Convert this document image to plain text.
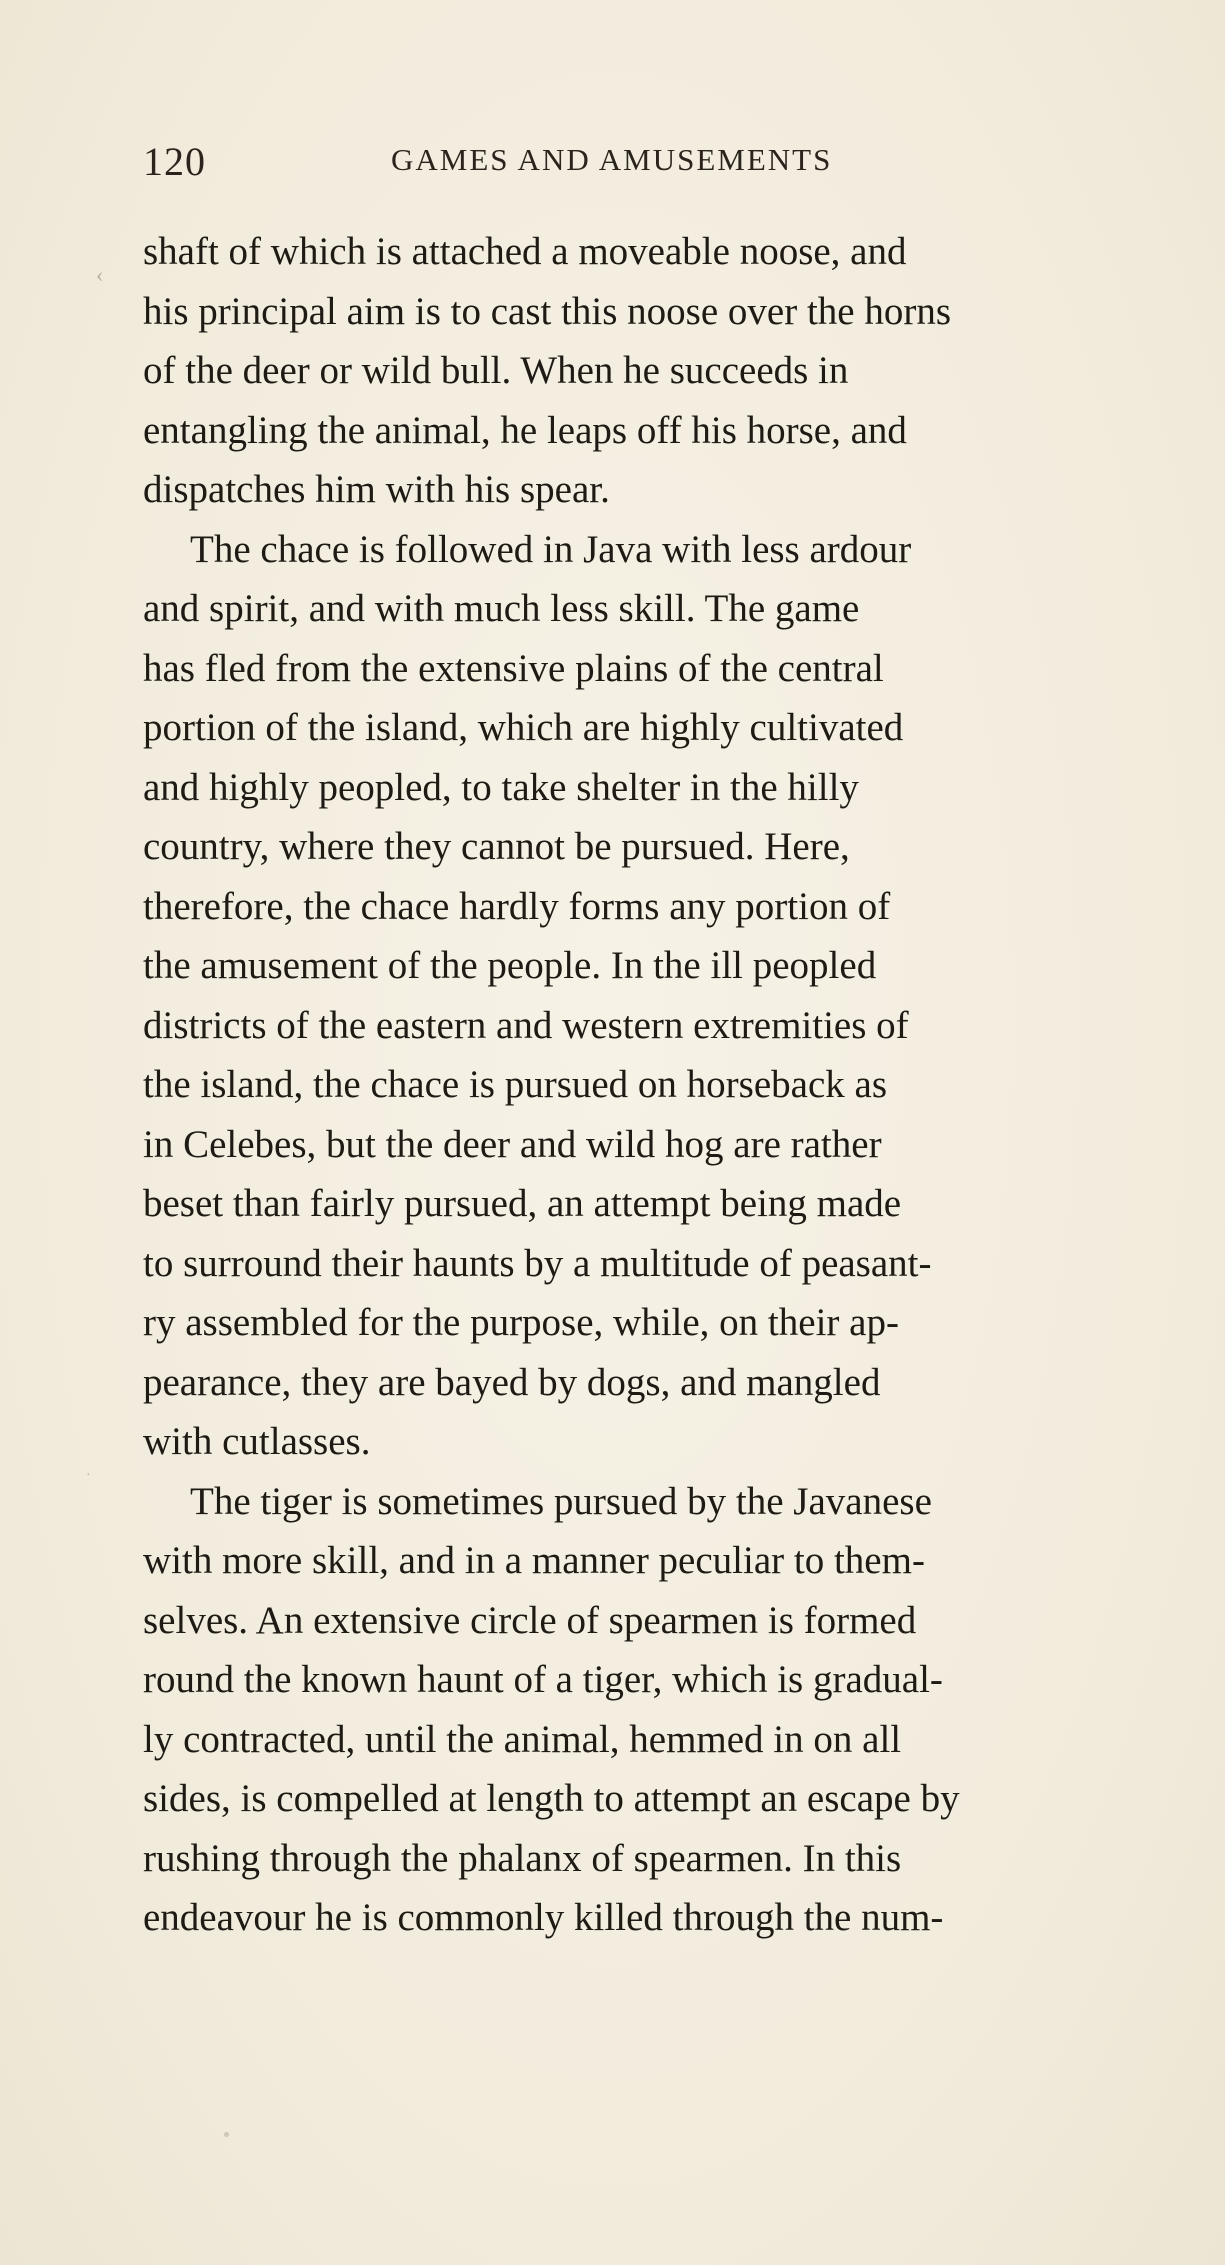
120	GAMES AND AMUSEMENTS
‹
·
shaft of which is attached a moveable noose, and
his principal aim is to cast this noose over the horns
of the deer or wild bull. When he succeeds in
entangling the animal, he leaps off his horse, and
dispatches him with his spear.
The chace is followed in Java with less ardour
and spirit, and with much less skill. The game
has fled from the extensive plains of the central
portion of the island, which are highly cultivated
and highly peopled, to take shelter in the hilly
country, where they cannot be pursued. Here,
therefore, the chace hardly forms any portion of
the amusement of the people. In the ill peopled
districts of the eastern and western extremities of
the island, the chace is pursued on horseback as
in Celebes, but the deer and wild hog are rather
beset than fairly pursued, an attempt being made
to surround their haunts by a multitude of peasant-
ry assembled for the purpose, while, on their ap-
pearance, they are bayed by dogs, and mangled
with cutlasses.
The tiger is sometimes pursued by the Javanese
with more skill, and in a manner peculiar to them-
selves. An extensive circle of spearmen is formed
round the known haunt of a tiger, which is gradual-
ly contracted, until the animal, hemmed in on all
sides, is compelled at length to attempt an escape by
rushing through the phalanx of spearmen. In this
endeavour he is commonly killed through the num-
